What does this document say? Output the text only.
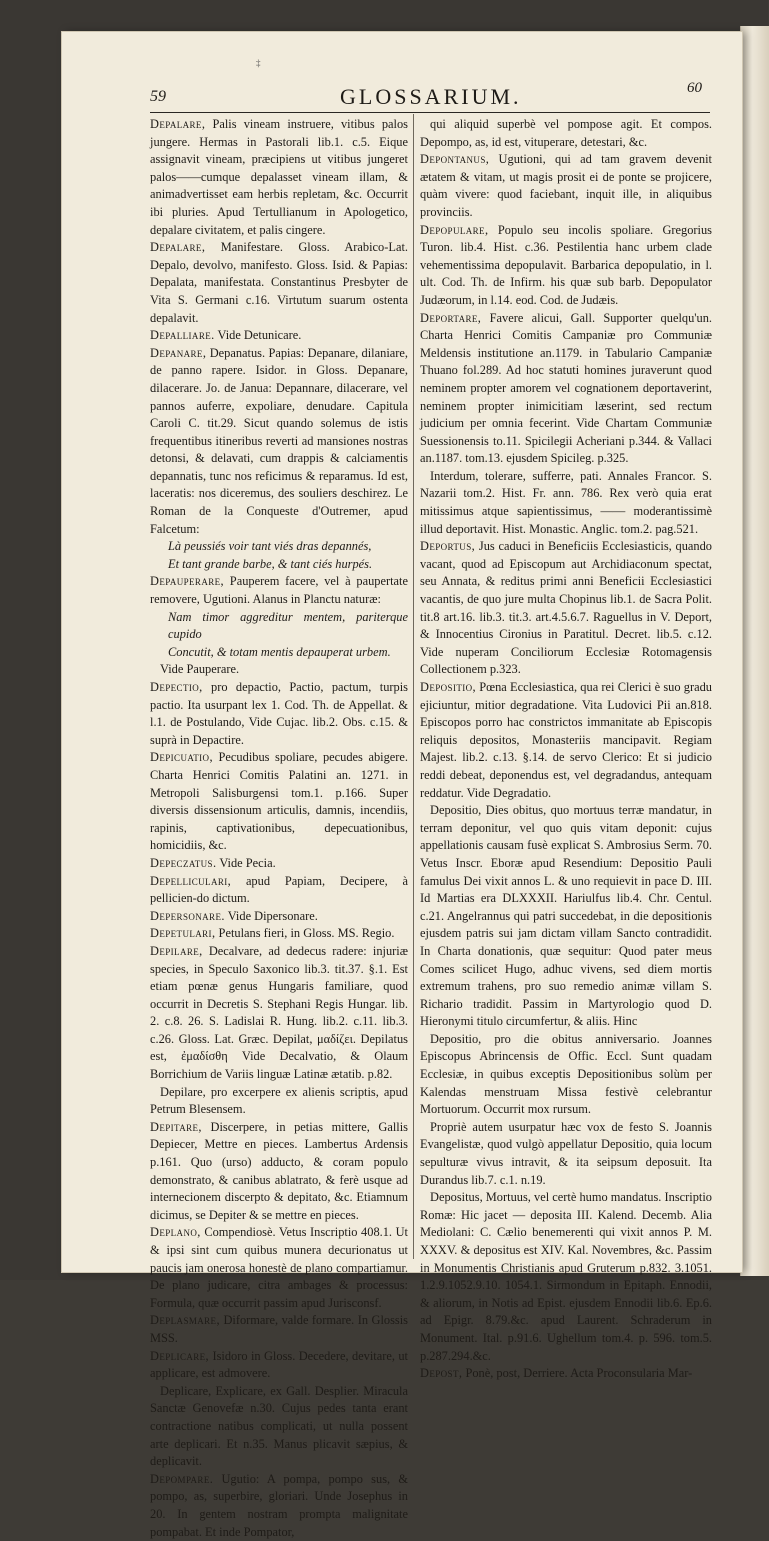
‡
59	GLOSSARIUM.	60

Depalare, Palis vineam instruere, vitibus palos jungere. Hermas in Pastorali lib.1. c.5. Eique assignavit vineam, præcipiens ut vitibus jungeret palos——cumque depalasset vineam illam, & animadvertisset eam herbis repletam, &c. Occurrit ibi pluries. Apud Tertullianum in Apologetico, depalare civitatem, et palis cingere.

Depalare, Manifestare. Gloss. Arabico-Lat. Depalo, devolvo, manifesto. Gloss. Isid. & Papias: Depalata, manifestata. Constantinus Presbyter de Vita S. Germani c.16. Virtutum suarum ostenta depalavit.

Depalliare. Vide Detunicare.

Depanare, Depanatus. Papias: Depanare, dilaniare, de panno rapere. Isidor. in Gloss. Depanare, dilacerare. Jo. de Janua: Depannare, dilacerare, vel pannos auferre, expoliare, denudare. Capitula Caroli C. tit.29. Sicut quando solemus de istis frequentibus itineribus reverti ad mansiones nostras detonsi, & delavati, cum drappis & calciamentis depannatis, tunc nos reficimus & reparamus. Id est, laceratis: nos diceremus, des souliers deschirez. Le Roman de la Conqueste d'Outremer, apud Falcetum:

Là peussiés voir tant viés dras depannés,

Et tant grande barbe, & tant ciés hurpés.

Depauperare, Pauperem facere, vel à paupertate removere, Ugutioni. Alanus in Planctu naturæ:

Nam timor aggreditur mentem, pariterque cupido

Concutit, & totam mentis depauperat urbem.

Vide Pauperare.

Depectio, pro depactio, Pactio, pactum, turpis pactio. Ita usurpant lex 1. Cod. Th. de Appellat. & l.1. de Postulando, Vide Cujac. lib.2. Obs. c.15. & suprà in Depactire.

Depicuatio, Pecudibus spoliare, pecudes abigere. Charta Henrici Comitis Palatini an. 1271. in Metropoli Salisburgensi tom.1. p.166. Super diversis dissensionum articulis, damnis, incendiis, rapinis, captivationibus, depecuationibus, homicidiis, &c.

Depeczatus. Vide Pecia.

Depelliculari, apud Papiam, Decipere, à pellicien-do dictum.

Depersonare. Vide Dipersonare.

Depetulari, Petulans fieri, in Gloss. MS. Regio.

Depilare, Decalvare, ad dedecus radere: injuriæ species, in Speculo Saxonico lib.3. tit.37. §.1. Est etiam pœnæ genus Hungaris familiare, quod occurrit in Decretis S. Stephani Regis Hungar. lib. 2. c.8. 26. S. Ladislai R. Hung. lib.2. c.11. lib.3. c.26. Gloss. Lat. Græc. Depilat, μαδίζει. Depilatus est, ἐμαδίσθη Vide Decalvatio, & Olaum Borrichium de Variis linguæ Latinæ ætatib. p.82.

Depilare, pro excerpere ex alienis scriptis, apud Petrum Blesensem.

Depitare, Discerpere, in petias mittere, Gallis Depiecer, Mettre en pieces. Lambertus Ardensis p.161. Quo (urso) adducto, & coram populo demonstrato, & canibus ablatrato, & ferè usque ad internecionem discerpto & depitato, &c. Etiamnum dicimus, se Depiter & se mettre en pieces.

Deplano, Compendiosè. Vetus Inscriptio 408.1. Ut & ipsi sint cum quibus munera decurionatus ut paucis jam onerosa honestè de plano compartiamur. De plano judicare, citra ambages & processus: Formula, quæ occurrit passim apud Jurisconsf.

Deplasmare, Diformare, valde formare. In Glossis MSS.

Deplicare, Isidoro in Gloss. Decedere, devitare, ut applicare, est admovere.

Deplicare, Explicare, ex Gall. Desplier. Miracula Sanctæ Genovefæ n.30. Cujus pedes tanta erant contractione natibus complicati, ut nulla possent arte deplicari. Et n.35. Manus plicavit sæpius, & deplicavit.

Depompare. Ugutio: A pompa, pompo sus, & pompo, as, superbire, gloriari. Unde Josephus in 20. In gentem nostram prompta malignitate pompabat. Et inde Pompator,

qui aliquid superbè vel pompose agit. Et compos. Depompo, as, id est, vituperare, detestari, &c.

Depontanus, Ugutioni, qui ad tam gravem devenit ætatem & vitam, ut magis prosit ei de ponte se projicere, quàm vivere: quod faciebant, inquit ille, in aliquibus provinciis.

Depopulare, Populo seu incolis spoliare. Gregorius Turon. lib.4. Hist. c.36. Pestilentia hanc urbem clade vehementissima depopulavit. Barbarica depopulatio, in l. ult. Cod. Th. de Infirm. his quæ sub barb. Depopulator Judæorum, in l.14. eod. Cod. de Judæis.

Deportare, Favere alicui, Gall. Supporter quelqu'un. Charta Henrici Comitis Campaniæ pro Communiæ Meldensis institutione an.1179. in Tabulario Campaniæ Thuano fol.289. Ad hoc statuti homines juraverunt quod neminem propter amorem vel cognationem deportaverint, neminem propter inimicitiam læserint, sed rectum judicium per omnia fecerint. Vide Chartam Communiæ Suessionensis to.11. Spicilegii Acheriani p.344. & Vallaci an.1187. tom.13. ejusdem Spicileg. p.325.

Interdum, tolerare, sufferre, pati. Annales Francor. S. Nazarii tom.2. Hist. Fr. ann. 786. Rex verò quia erat mitissimus atque sapientissimus, —— moderantissimè illud deportavit. Hist. Monastic. Anglic. tom.2. pag.521.

Deportus, Jus caduci in Beneficiis Ecclesiasticis, quando vacant, quod ad Episcopum aut Archidiaconum spectat, seu Annata, & reditus primi anni Beneficii Ecclesiastici vacantis, de quo jure multa Chopinus lib.1. de Sacra Polit. tit.8 art.16. lib.3. tit.3. art.4.5.6.7. Raguellus in V. Deport, & Innocentius Cironius in Paratitul. Decret. lib.5. c.12. Vide nuperam Conciliorum Ecclesiæ Rotomagensis Collectionem p.323.

Depositio, Pœna Ecclesiastica, qua rei Clerici è suo gradu ejiciuntur, mitior degradatione. Vita Ludovici Pii an.818. Episcopos porro hac constrictos immanitate ab Episcopis reliquis depositos, Monasteriis mancipavit. Regiam Majest. lib.2. c.13. §.14. de servo Clerico: Et si judicio reddi debeat, deponendus est, vel degradandus, antequam reddatur. Vide Degradatio.

Depositio, Dies obitus, quo mortuus terræ mandatur, in terram deponitur, vel quo quis vitam deponit: cujus appellationis causam fusè explicat S. Ambrosius Serm. 70. Vetus Inscr. Eboræ apud Resendium: Depositio Pauli famulus Dei vixit annos L. & uno requievit in pace D. III. Id Martias era DLXXXII. Hariulfus lib.4. Chr. Centul. c.21. Angelrannus qui patri succedebat, in die depositionis ejusdem patris sui jam dictam villam Sancto contradidit. In Charta donationis, quæ sequitur: Quod pater meus Comes scilicet Hugo, adhuc vivens, sed diem mortis extremum trahens, pro suo remedio animæ villam S. Richario tradidit. Passim in Martyrologio quod D. Hieronymi titulo circumfertur, & aliis. Hinc

Depositio, pro die obitus anniversario. Joannes Episcopus Abrincensis de Offic. Eccl. Sunt quadam Ecclesiæ, in quibus exceptis Depositionibus solùm per Kalendas menstruam Missa festivè celebrantur Mortuorum. Occurrit mox rursum.

Propriè autem usurpatur hæc vox de festo S. Joannis Evangelistæ, quod vulgò appellatur Depositio, quia locum sepulturæ vivus intravit, & ita seipsum deposuit. Ita Durandus lib.7. c.1. n.19.

Depositus, Mortuus, vel certè humo mandatus. Inscriptio Romæ: Hic jacet — deposita III. Kalend. Decemb. Alia Mediolani: C. Cælio benemerenti qui vixit annos P. M. XXXV. & depositus est XIV. Kal. Novembres, &c. Passim in Monumentis Christianis apud Gruterum p.832. 3.1051. 1.2.9.1052.9.10. 1054.1. Sirmondum in Epitaph. Ennodii, & aliorum, in Notis ad Epist. ejusdem Ennodii lib.6. Ep.6. ad Epigr. 8.79.&c. apud Laurent. Schraderum in Monument. Ital. p.91.6. Ughellum tom.4. p. 596. tom.5. p.287.294.&c.

Depost, Ponè, post, Derriere. Acta Proconsularia Mar-
